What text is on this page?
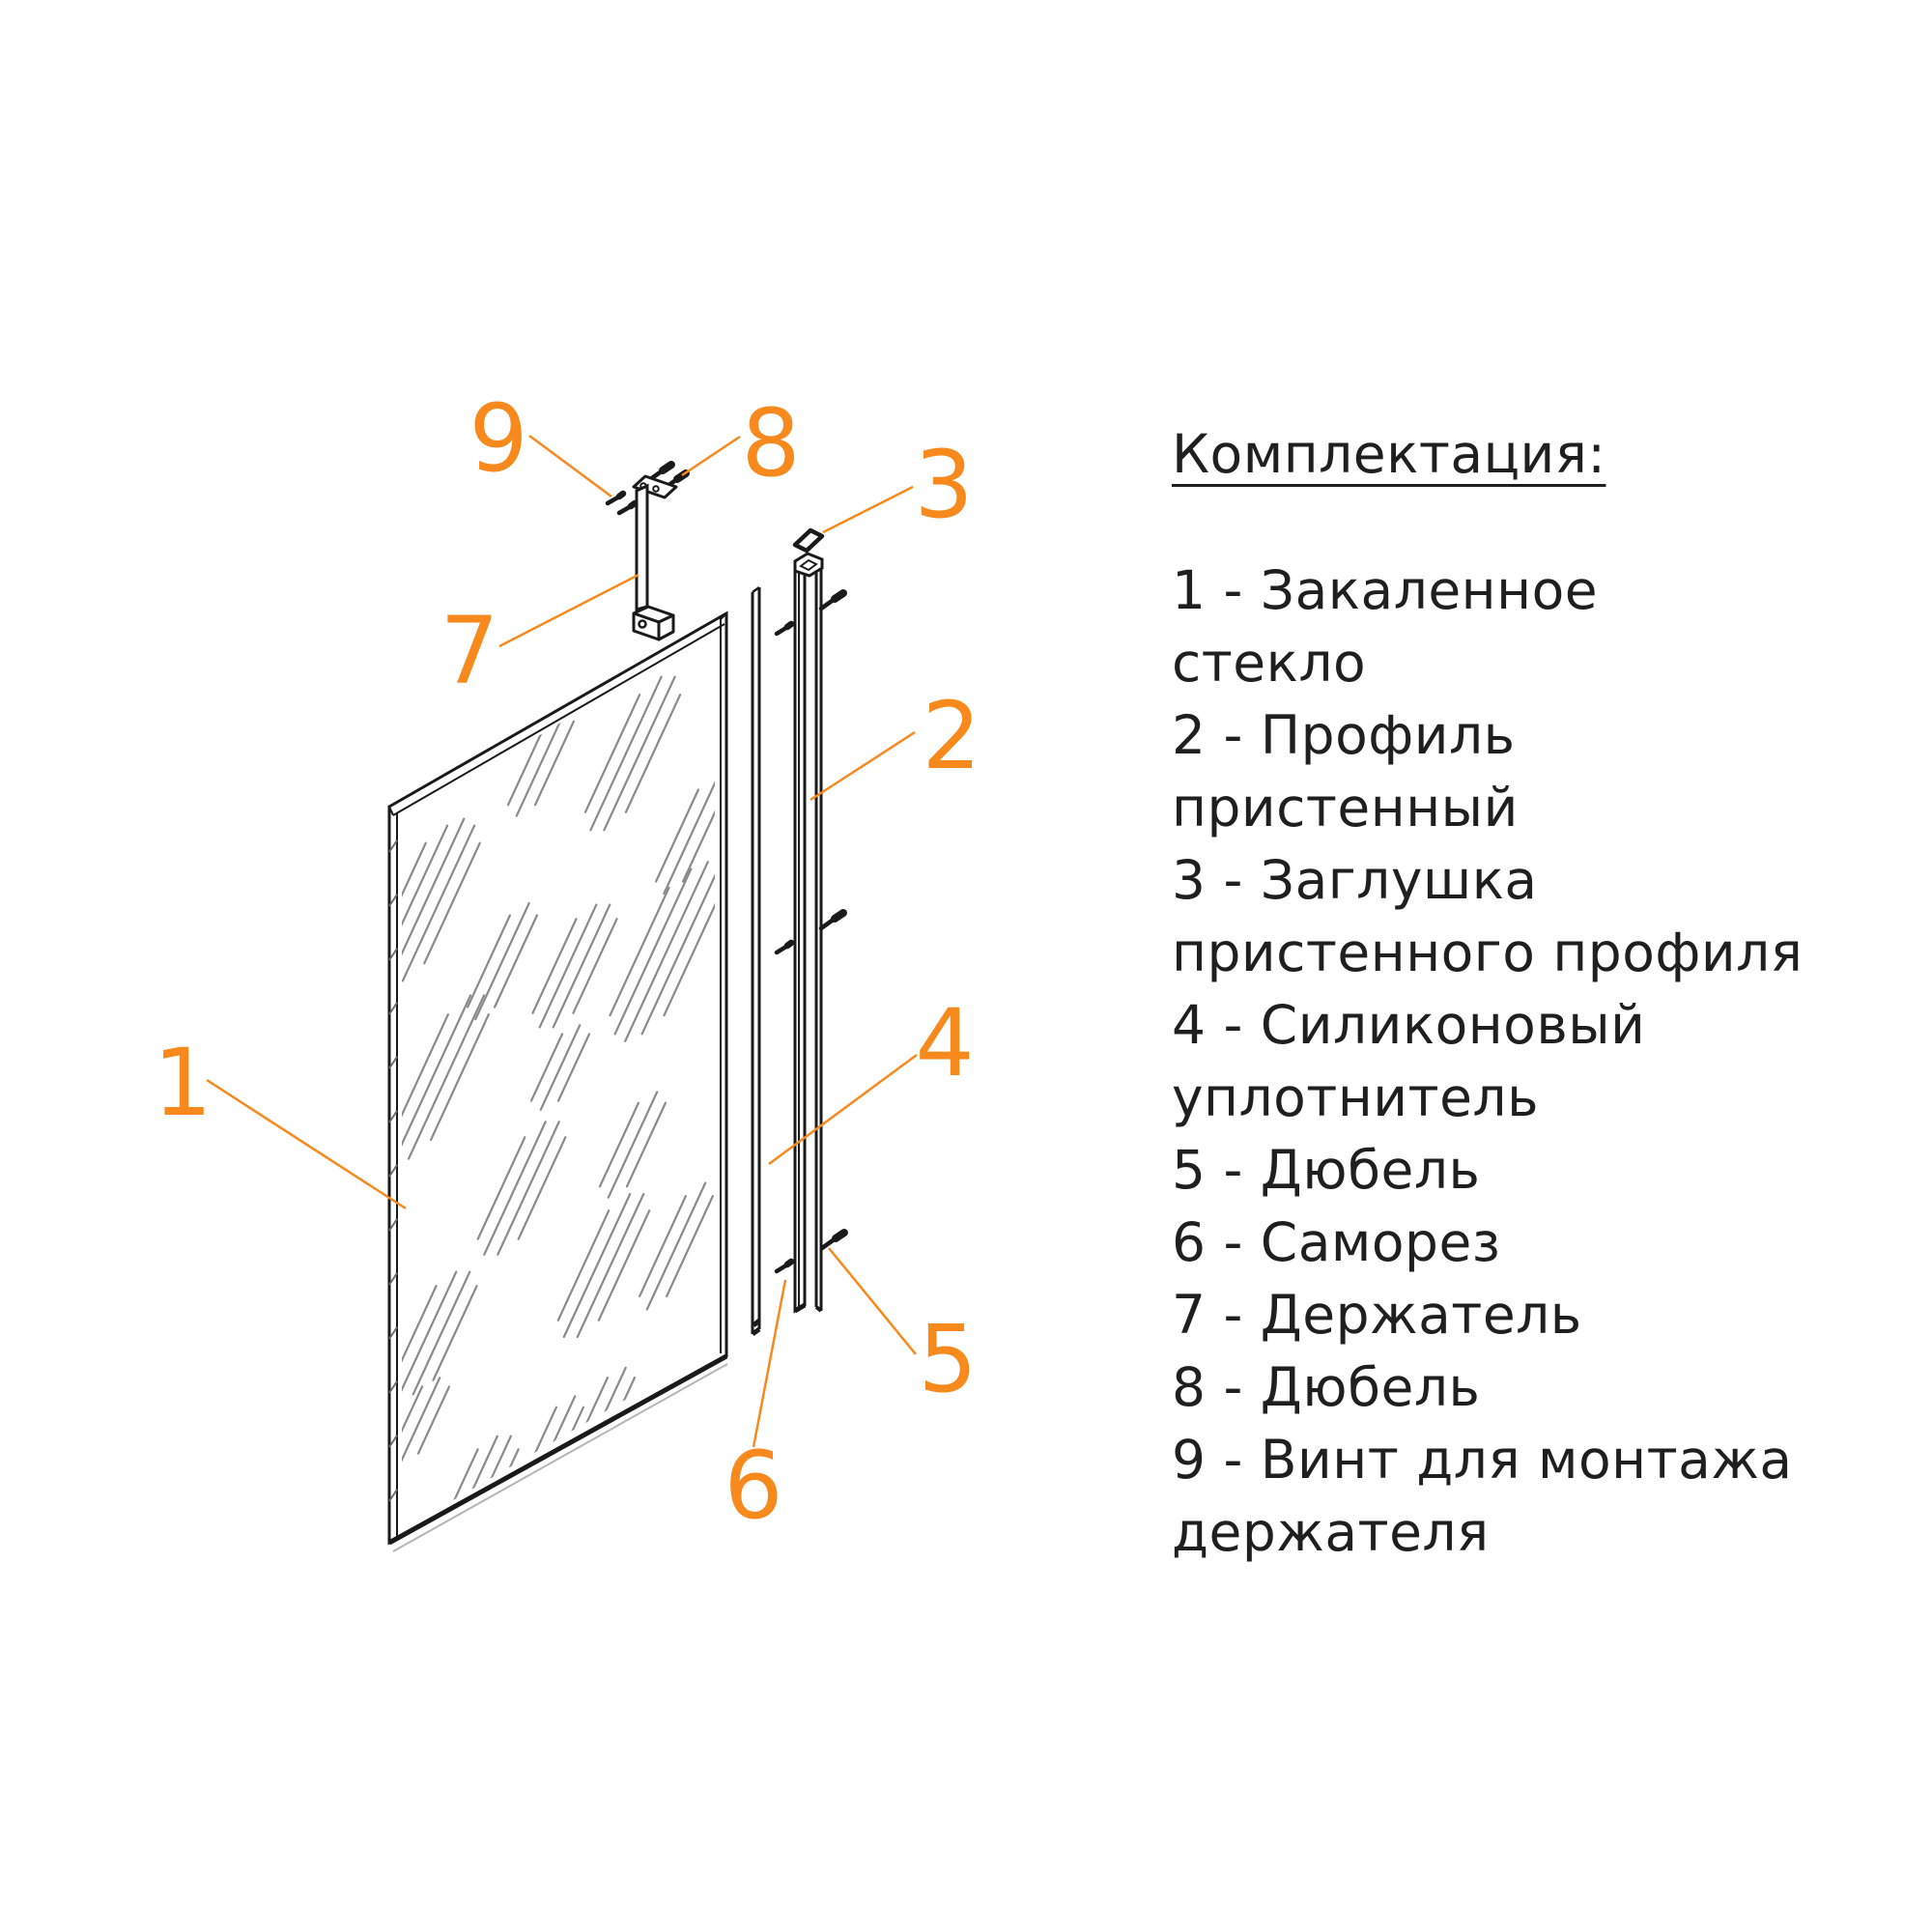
1
2
3
4
5
6
7
8
9	Комплектация:
1 - Закаленное стекло
2 - Профиль пристенный
3 - Заглушка пристенного профиля
4 - Силиконовый уплотнитель
5 - Дюбель
6 - Саморез
7 - Держатель
8 - Дюбель
9 - Винт для монтажа держателя
